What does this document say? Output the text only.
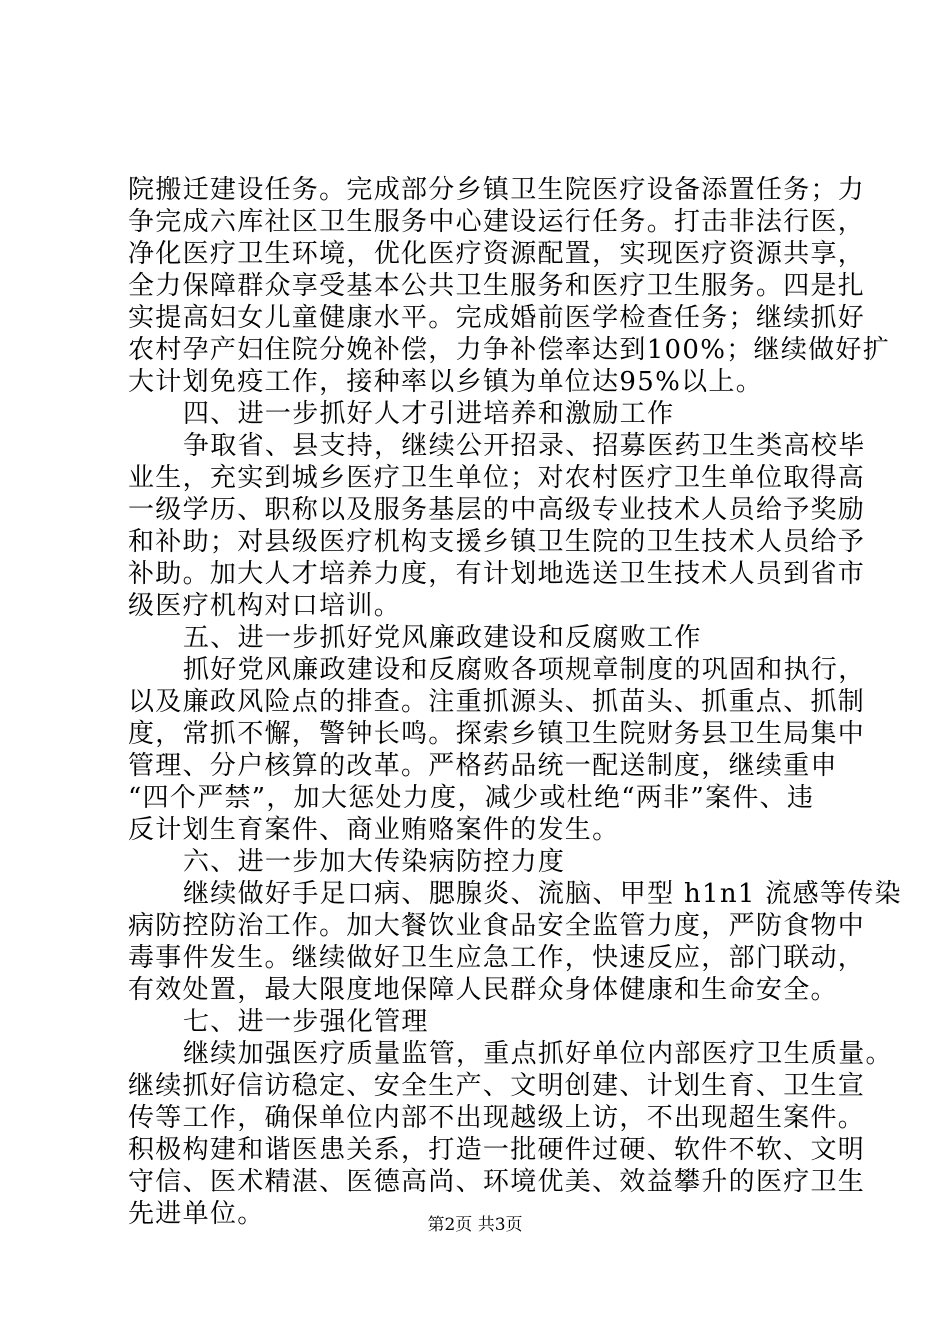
院搬迁建设任务。完成部分乡镇卫生院医疗设备添置任务；力
争完成六库社区卫生服务中心建设运行任务。打击非法行医，
净化医疗卫生环境，优化医疗资源配置，实现医疗资源共享，
全力保障群众享受基本公共卫生服务和医疗卫生服务。四是扎
实提高妇女儿童健康水平。完成婚前医学检查任务；继续抓好
农村孕产妇住院分娩补偿，力争补偿率达到100%；继续做好扩
大计划免疫工作，接种率以乡镇为单位达95%以上。
四、进一步抓好人才引进培养和激励工作
争取省、县支持，继续公开招录、招募医药卫生类高校毕
业生，充实到城乡医疗卫生单位；对农村医疗卫生单位取得高
一级学历、职称以及服务基层的中高级专业技术人员给予奖励
和补助；对县级医疗机构支援乡镇卫生院的卫生技术人员给予
补助。加大人才培养力度，有计划地选送卫生技术人员到省市
级医疗机构对口培训。
五、进一步抓好党风廉政建设和反腐败工作
抓好党风廉政建设和反腐败各项规章制度的巩固和执行，
以及廉政风险点的排查。注重抓源头、抓苗头、抓重点、抓制
度，常抓不懈，警钟长鸣。探索乡镇卫生院财务县卫生局集中
管理、分户核算的改革。严格药品统一配送制度，继续重申
“四个严禁”，加大惩处力度，减少或杜绝“两非”案件、违
反计划生育案件、商业贿赂案件的发生。
六、进一步加大传染病防控力度
继续做好手足口病、腮腺炎、流脑、甲型 h1n1 流感等传染
病防控防治工作。加大餐饮业食品安全监管力度，严防食物中
毒事件发生。继续做好卫生应急工作，快速反应，部门联动，
有效处置，最大限度地保障人民群众身体健康和生命安全。
七、进一步强化管理
继续加强医疗质量监管，重点抓好单位内部医疗卫生质量。
继续抓好信访稳定、安全生产、文明创建、计划生育、卫生宣
传等工作，确保单位内部不出现越级上访，不出现超生案件。
积极构建和谐医患关系，打造一批硬件过硬、软件不软、文明
守信、医术精湛、医德高尚、环境优美、效益攀升的医疗卫生
先进单位。	第2页 共3页
